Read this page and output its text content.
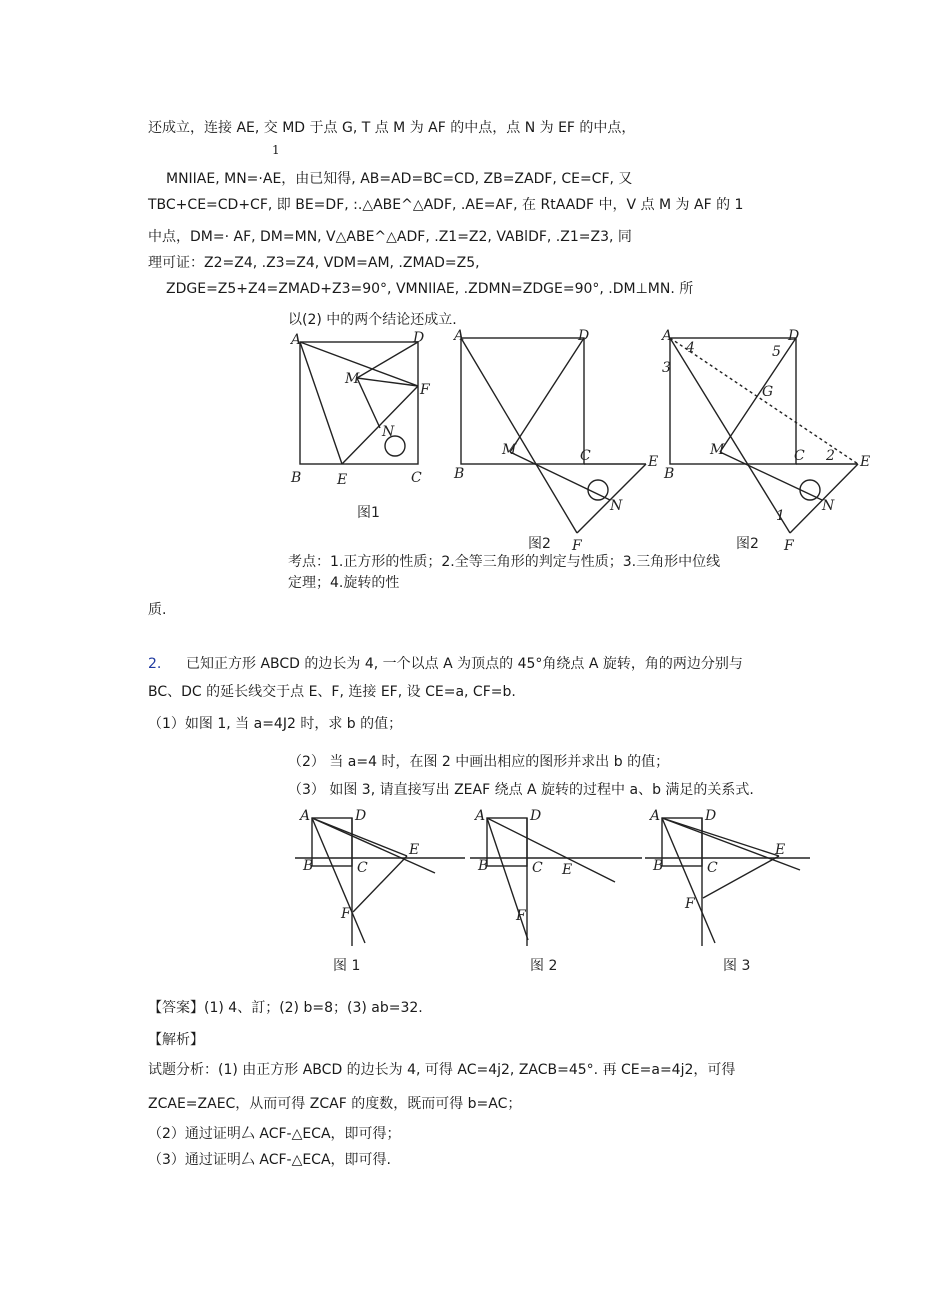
还成立，连接 AE, 交 MD 于点 G, T 点 M 为 AF 的中点，点 N 为 EF 的中点，
1
MNIIAE, MN=·AE，由已知得, AB=AD=BC=CD, ZB=ZADF, CE=CF, 又
TBC+CE=CD+CF, 即 BE=DF, :.△ABE^△ADF, .AE=AF, 在 RtAADF 中，V 点 M 为 AF 的 1
中点，DM=· AF, DM=MN, V△ABE^△ADF, .Z1=Z2, VABlDF, .Z1=Z3, 同
理可证：Z2=Z4, .Z3=Z4, VDM=AM, .ZMAD=Z5,
ZDGE=Z5+Z4=ZMAD+Z3=90°, VMNIIAE, .ZDMN=ZDGE=90°, .DM⊥MN. 所
以(2) 中的两个结论还成立.
A	D
M
F
N
B	E	C
图1
A	D
M	C	E
B
N
F
图2
A	D
4	5
3
G
M	C 2 E
B
1
N
F
图2
考点：1.正方形的性质；2.全等三角形的判定与性质；3.三角形中位线
定理；4.旋转的性
质.
2. 已知正方形 ABCD 的边长为 4, 一个以点 A 为顶点的 45°角绕点 A 旋转，角的两边分别与
BC、DC 的延长线交于点 E、F, 连接 EF, 设 CE=a, CF=b.
（1）如图 1, 当 a=4J2 时，求 b 的值；
（2） 当 a=4 时，在图 2 中画出相应的图形并求出 b 的值；
（3） 如图 3, 请直接写出 ZEAF 绕点 A 旋转的过程中 a、b 满足的关系式.
A	D
E
B	C
F
图 1
A	D
B	C E
F
图 2
A	D
E
B	C
F
图 3
【答案】(1) 4、訂；(2) b=8；(3) ab=32.
【解析】
试题分析：(1) 由正方形 ABCD 的边长为 4, 可得 AC=4j2, ZACB=45°. 再 CE=a=4j2，可得
ZCAE=ZAEC，从而可得 ZCAF 的度数，既而可得 b=AC；
（2）通过证明厶 ACF-△ECA，即可得；
（3）通过证明厶 ACF-△ECA，即可得.
